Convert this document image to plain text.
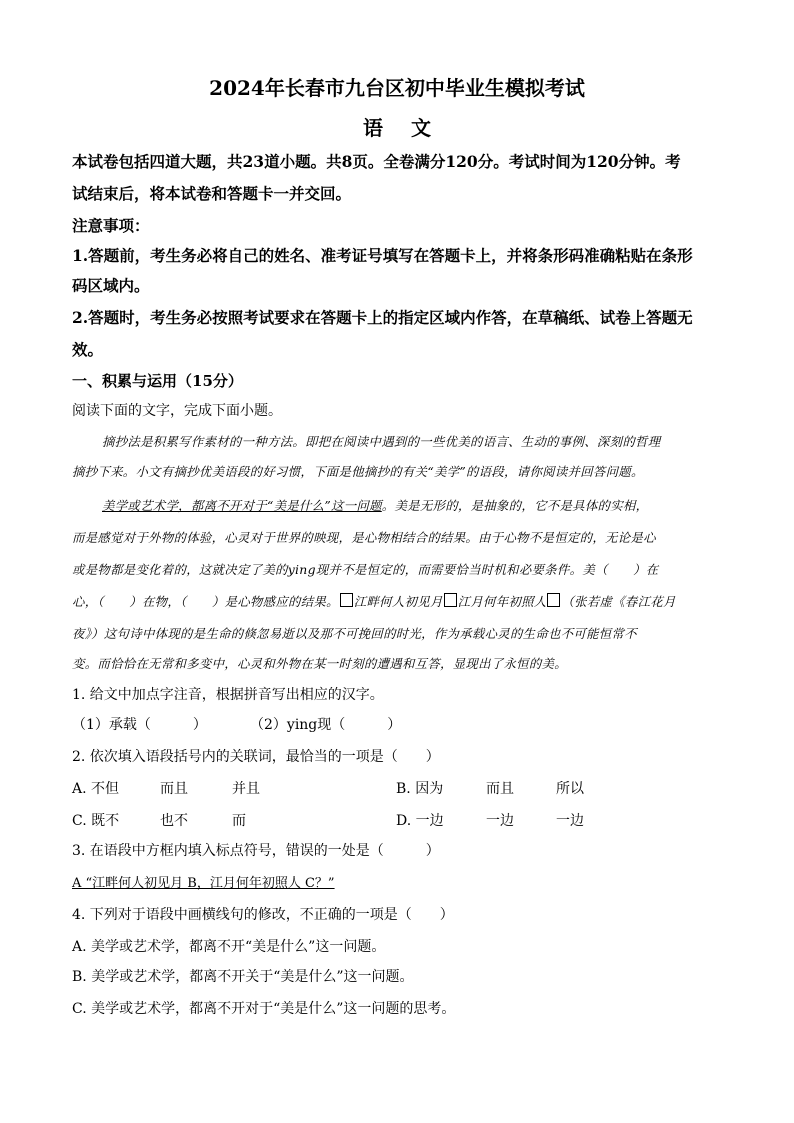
2024年长春市九台区初中毕业生模拟考试
语文
本试卷包括四道大题，共23道小题。共8页。全卷满分120分。考试时间为120分钟。考
试结束后，将本试卷和答题卡一并交回。
注意事项：
1.答题前，考生务必将自己的姓名、准考证号填写在答题卡上，并将条形码准确粘贴在条形
码区域内。
2.答题时，考生务必按照考试要求在答题卡上的指定区域内作答，在草稿纸、试卷上答题无
效。
一、积累与运用（15分）
阅读下面的文字，完成下面小题。
摘抄法是积累写作素材的一种方法。即把在阅读中遇到的一些优美的语言、生动的事例、深刻的哲理
摘抄下来。小文有摘抄优美语段的好习惯，下面是他摘抄的有关“美学”的语段，请你阅读并回答问题。
美学或艺术学，都离不开对于“美是什么”这一问题。美是无形的，是抽象的，它不是具体的实相，
而是感觉对于外物的体验，心灵对于世界的映现，是心物相结合的结果。由于心物不是恒定的，无论是心
或是物都是变化着的，这就决定了美的ying现并不是恒定的，而需要恰当时机和必要条件。美（　　）在
心，（　　）在物，（　　）是心物感应的结果。 江畔何人初见月 江月何年初照人 （张若虚《春江花月
夜》）这句诗中体现的是生命的倏忽易逝以及那不可挽回的时光，作为承载心灵的生命也不可能恒常不
变。而恰恰在无常和多变中，心灵和外物在某一时刻的遭遇和互答，显现出了永恒的美。
1. 给文中加点字注音，根据拼音写出相应的汉字。
（1）承载（　　　）	（2）ying现（　　　）
2. 依次填入语段括号内的关联词，最恰当的一项是（　　）
A. 不但	而且	并且	B. 因为	而且	所以
C. 既不	也不	而	D. 一边	一边	一边
3. 在语段中方框内填入标点符号，错误的一处是（　　　）
A “江畔何人初见月 B，江月何年初照人 C？”
4. 下列对于语段中画横线句的修改，不正确的一项是（　　）
A. 美学或艺术学，都离不开“美是什么”这一问题。
B. 美学或艺术学，都离不开关于“美是什么”这一问题。
C. 美学或艺术学，都离不开对于“美是什么”这一问题的思考。
